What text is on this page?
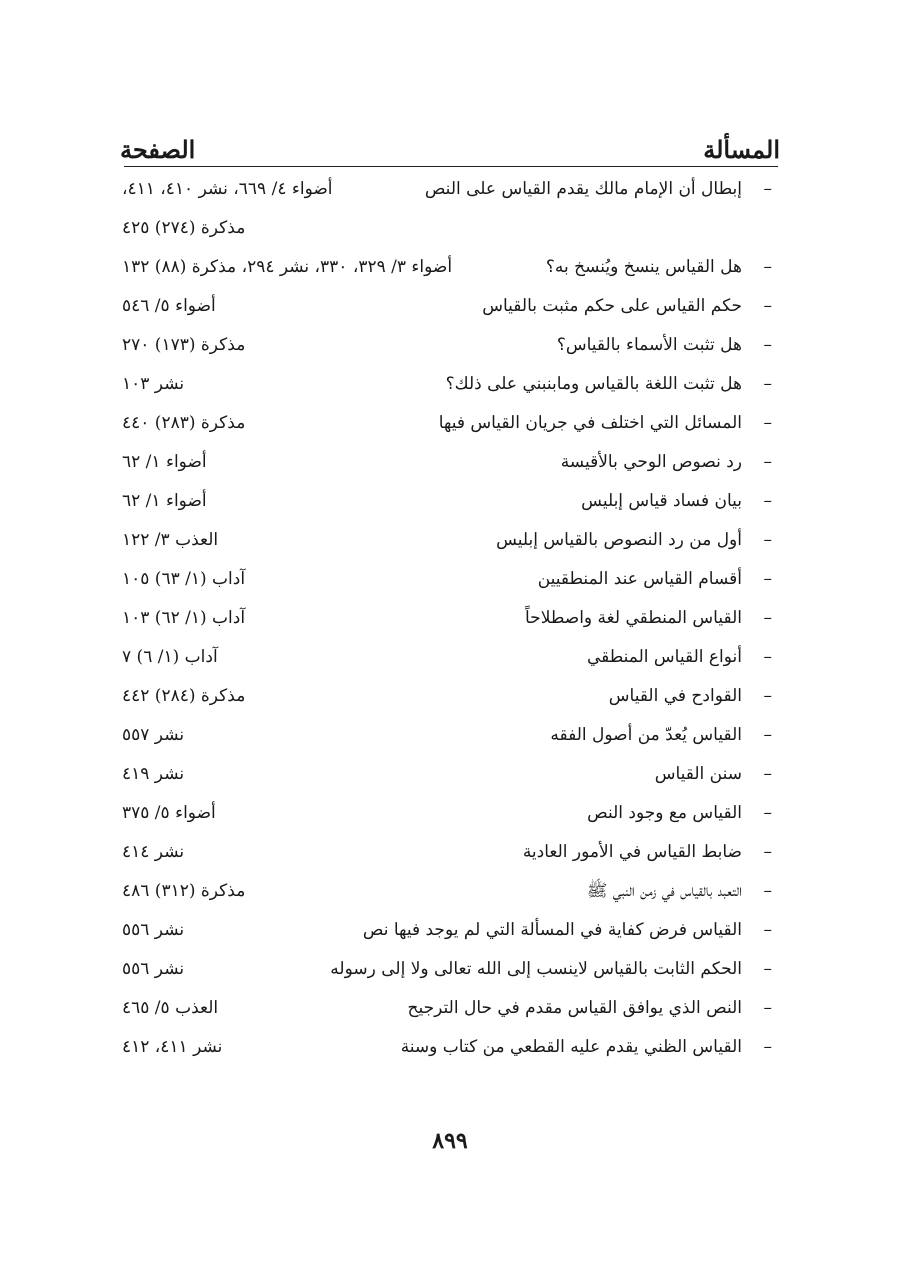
المسألة
الصفحة
–
إبطال أن الإمام مالك يقدم القياس على النص
أضواء ٤/ ٦٦٩، نشر ٤١٠، ٤١١،
مذكرة (٢٧٤) ٤٢٥
–
هل القياس ينسخ ويُنسخ به؟
أضواء ٣/ ٣٢٩، ٣٣٠، نشر ٢٩٤، مذكرة (٨٨) ١٣٢
–
حكم القياس على حكم مثبت بالقياس
أضواء ٥/ ٥٤٦
–
هل تثبت الأسماء بالقياس؟
مذكرة (١٧٣) ٢٧٠
–
هل تثبت اللغة بالقياس ومابنبني على ذلك؟
نشر ١٠٣
–
المسائل التي اختلف في جريان القياس فيها
مذكرة (٢٨٣) ٤٤٠
–
رد نصوص الوحي بالأقيسة
أضواء ١/ ٦٢
–
بيان فساد قياس إبليس
أضواء ١/ ٦٢
–
أول من رد النصوص بالقياس إبليس
العذب ٣/ ١٢٢
–
أقسام القياس عند المنطقيين
آداب (١/ ٦٣) ١٠٥
–
القياس المنطقي لغة واصطلاحاً
آداب (١/ ٦٢) ١٠٣
–
أنواع القياس المنطقي
آداب (١/ ٦) ٧
–
القوادح في القياس
مذكرة (٢٨٤) ٤٤٢
–
القياس يُعدّ من أصول الفقه
نشر ٥٥٧
–
سنن القياس
نشر ٤١٩
–
القياس مع وجود النص
أضواء ٥/ ٣٧٥
–
ضابط القياس في الأمور العادية
نشر ٤١٤
–
التعبد بالقياس في زمن النبي ﷺ
مذكرة (٣١٢) ٤٨٦
–
القياس فرض كفاية في المسألة التي لم يوجد فيها نص
نشر ٥٥٦
–
الحكم الثابت بالقياس لاينسب إلى الله تعالى ولا إلى رسوله
نشر ٥٥٦
–
النص الذي يوافق القياس مقدم في حال الترجيح
العذب ٥/ ٤٦٥
–
القياس الظني يقدم عليه القطعي من كتاب وسنة
نشر ٤١١، ٤١٢
٨٩٩
